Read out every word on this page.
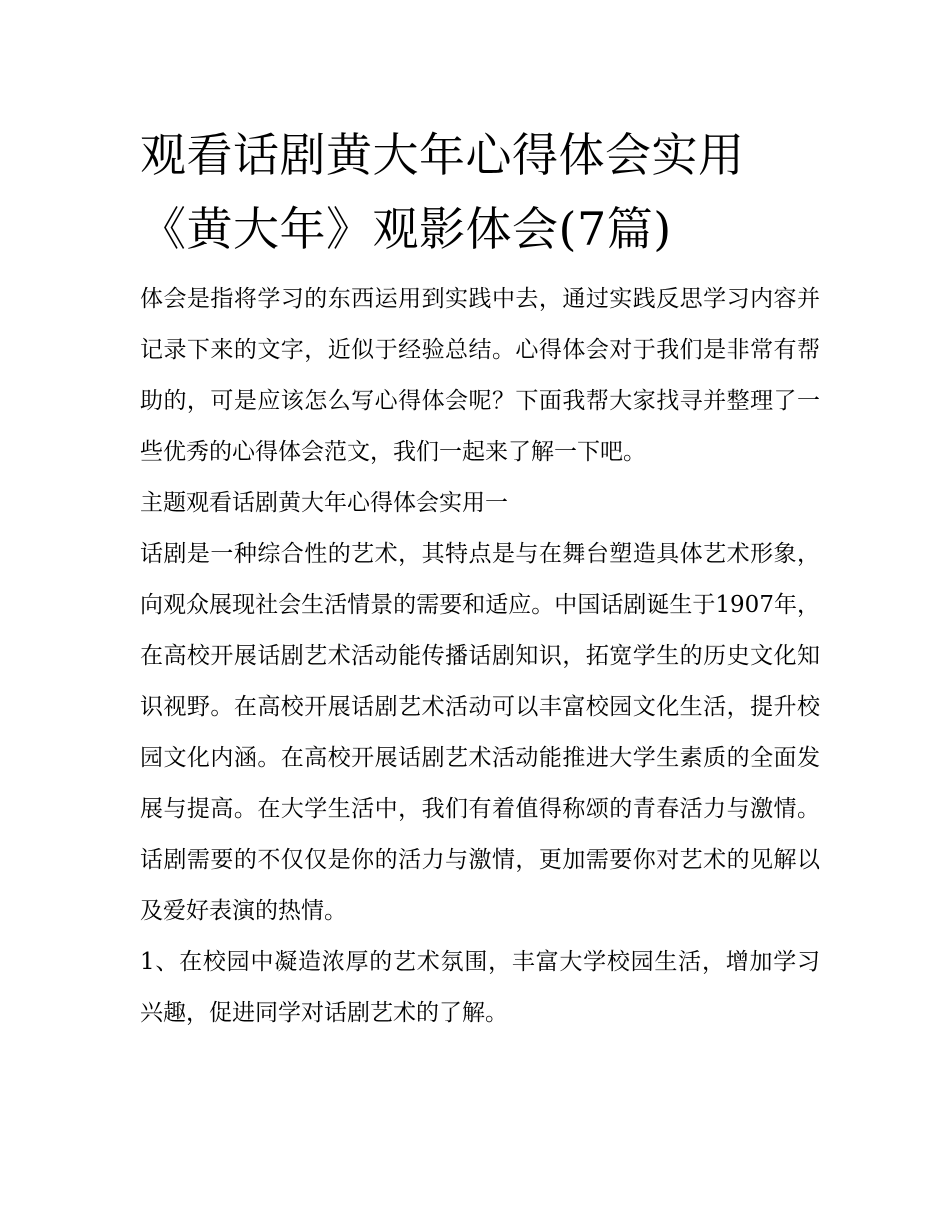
观看话剧黄大年心得体会实用
《黄大年》观影体会(7篇)

体会是指将学习的东西运用到实践中去，通过实践反思学习内容并记录下来的文字，近似于经验总结。心得体会对于我们是非常有帮助的，可是应该怎么写心得体会呢？下面我帮大家找寻并整理了一些优秀的心得体会范文，我们一起来了解一下吧。

主题观看话剧黄大年心得体会实用一

话剧是一种综合性的艺术，其特点是与在舞台塑造具体艺术形象，向观众展现社会生活情景的需要和适应。中国话剧诞生于1907年，在高校开展话剧艺术活动能传播话剧知识，拓宽学生的历史文化知识视野。在高校开展话剧艺术活动可以丰富校园文化生活，提升校园文化内涵。在高校开展话剧艺术活动能推进大学生素质的全面发展与提高。在大学生活中，我们有着值得称颂的青春活力与激情。话剧需要的不仅仅是你的活力与激情，更加需要你对艺术的见解以及爱好表演的热情。

1、在校园中凝造浓厚的艺术氛围，丰富大学校园生活，增加学习兴趣，促进同学对话剧艺术的了解。
